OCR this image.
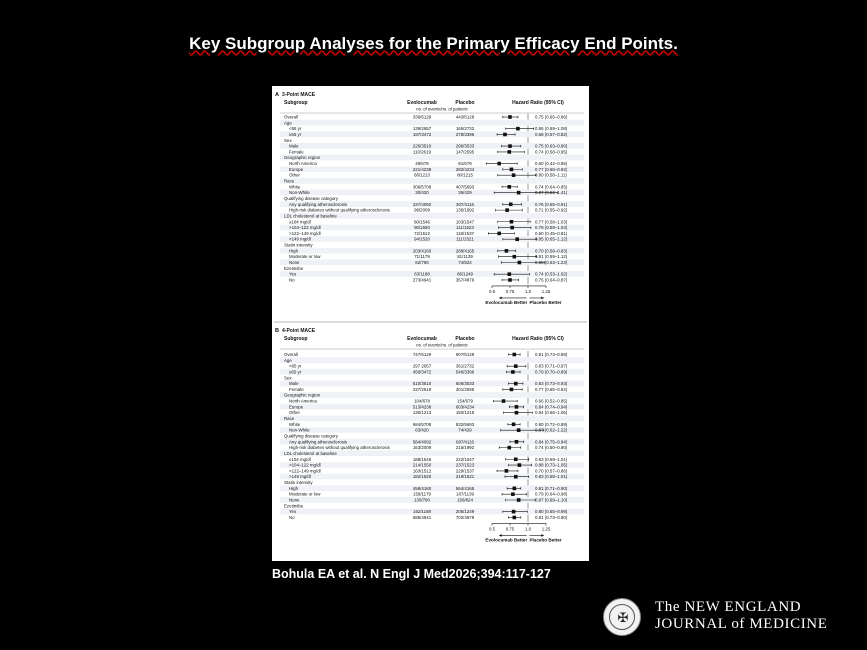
Key Subgroup Analyses for the Primary Efficacy End Points.
A 3-Point MACE
Subgroup	Evolocumab	Placebo	Hazard Ratio (95% CI)
no. of events/no. of patients
Overall	336/6129	443/6128	0.75 (0.65–0.86)
Age
<65 yr	139/2657	165/2732	0.86 (0.69–1.08)
≥65 yr	197/3472	278/3396	0.68 (0.57–0.82)
Sex
Male	226/3510	296/3533	0.75 (0.63–0.90)
Female	110/2619	147/2595	0.74 (0.58–0.95)
Geographic region
North America	49/678	81/679	0.60 (0.42–0.85)
Europe	221/4238	282/4234	0.77 (0.65–0.92)
Other	66/1213	80/1215	0.80 (0.58–1.11)
Race
White	306/5708	407/5693	0.74 (0.64–0.85)
Non-White	30/420	36/429	0.87 (0.53–1.41)
Qualifying disease category
Any qualifying atherosclerosis	237/4092	307/4116	0.76 (0.65–0.91)
High-risk diabetes without qualifying atherosclerosis	99/2009	136/1992	0.71 (0.55–0.92)
LDL cholesterol at baseline
≤104 mg/dl	80/1546	103/1547	0.77 (0.58–1.03)
>104–122 mg/dl	90/1550	111/1523	0.78 (0.59–1.04)
>122–149 mg/dl	72/1512	118/1537	0.60 (0.45–0.81)
>149 mg/dl	94/1520	111/1521	0.85 (0.65–1.12)
Statin intensity
High	203/4160	288/4165	0.70 (0.58–0.83)
Moderate or low	71/1179	81/1139	0.81 (0.59–1.12)
None	62/790	74/824	0.88 (0.63–1.23)
Ezetimibe
Yes	63/1188	86/1249	0.74 (0.53–1.02)
No	273/4941	357/4879	0.75 (0.64–0.87)
0.5 0.75 1.0 1.25
Evolocumab Better Placebo Better
B 4-Point MACE
Subgroup	Evolocumab	Placebo	Hazard Ratio (95% CI)
no. of events/no. of patients
Overall	747/6129	907/6128	0.81 (0.73–0.89)
Age
<65 yr	297 2657	361/2732	0.83 (0.71–0.97)
≥65 yr	450/3472	546/3396	0.79 (0.70–0.89)
Sex
Male	510/3510	606/3533	0.83 (0.73–0.93)
Female	237/2619	301/2595	0.77 (0.65–0.92)
Geographic region
North America	104/678	154/679	0.66 (0.52–0.85)
Europe	513/4238	603/4234	0.84 (0.74–0.94)
Other	130/1213	150/1215	0.84 (0.66–1.06)
Race
White	684/5708	832/5693	0.80 (0.72–0.89)
Non-White	63/420	74/429	0.87 (0.62–1.22)
Qualifying disease category
Any qualifying atherosclerosis	584/4092	687/4116	0.84 (0.75–0.94)
High-risk diabetes without qualifying atherosclerosis	163/2009	216/1992	0.74 (0.60–0.90)
LDL cholesterol at baseline
≤104 mg/dl	188/1546	222/1547	0.83 (0.69–1.01)
>104–122 mg/dl	214/1550	237/1523	0.88 (0.73–1.05)
>122–149 mg/dl	163/1512	229/1537	0.70 (0.57–0.86)
>149 mg/dl	182/1520	219/1521	0.83 (0.68–1.01)
Statin intensity
High	458/4160	564/4165	0.81 (0.71–0.90)
Moderate or low	159/1179	187/1139	0.79 (0.64–0.98)
None	130/790	156/824	0.87 (0.69–1.10)
Ezetimibe
Yes	162/1188	205/1249	0.80 (0.65–0.99)
No	585/4941	702/4879	0.81 (0.73–0.90)
0.5 0.75 1.0 1.25
Evolocumab Better Placebo Better
Bohula EA et al. N Engl J Med2026;394:117-127
✠
The NEW ENGLAND
JOURNAL of MEDICINE
